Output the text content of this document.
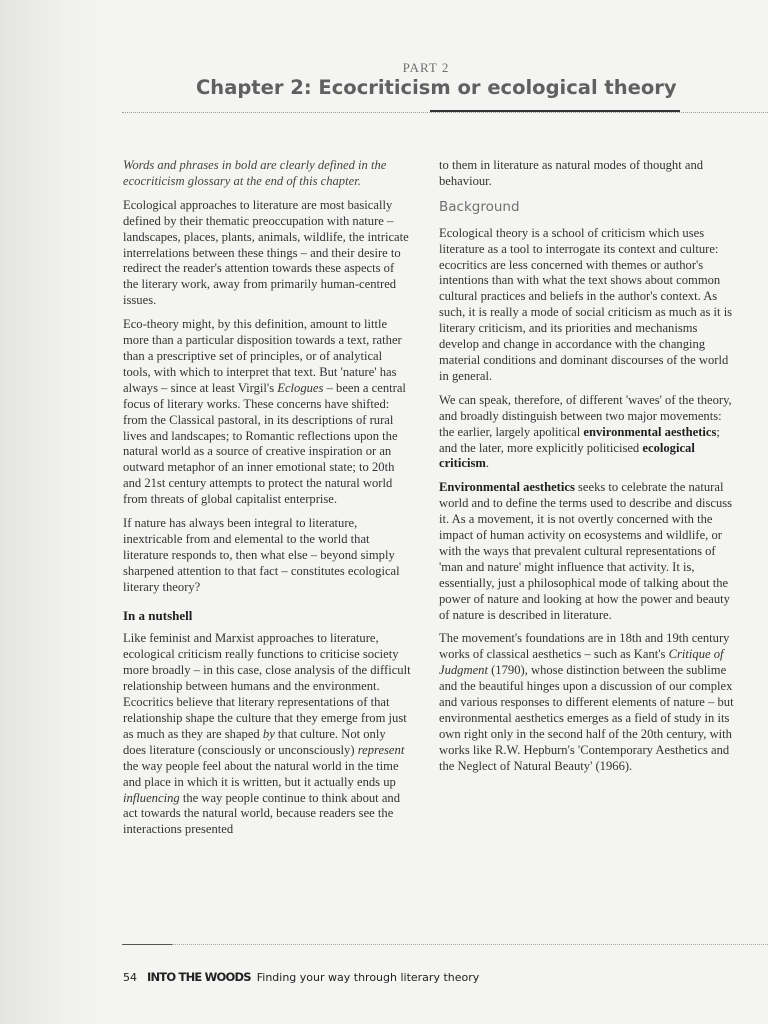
PART 2
Chapter 2: Ecocriticism or ecological theory

Words and phrases in bold are clearly defined in the ecocriticism glossary at the end of this chapter.

Ecological approaches to literature are most basically defined by their thematic preoccupation with nature – landscapes, places, plants, animals, wildlife, the intricate interrelations between these things – and their desire to redirect the reader's attention towards these aspects of the literary work, away from primarily human-centred issues.

Eco-theory might, by this definition, amount to little more than a particular disposition towards a text, rather than a prescriptive set of principles, or of analytical tools, with which to interpret that text. But 'nature' has always – since at least Virgil's Eclogues – been a central focus of literary works. These concerns have shifted: from the Classical pastoral, in its descriptions of rural lives and landscapes; to Romantic reflections upon the natural world as a source of creative inspiration or an outward metaphor of an inner emotional state; to 20th and 21st century attempts to protect the natural world from threats of global capitalist enterprise.

If nature has always been integral to literature, inextricable from and elemental to the world that literature responds to, then what else – beyond simply sharpened attention to that fact – constitutes ecological literary theory?

In a nutshell

Like feminist and Marxist approaches to literature, ecological criticism really functions to criticise society more broadly – in this case, close analysis of the difficult relationship between humans and the environment. Ecocritics believe that literary representations of that relationship shape the culture that they emerge from just as much as they are shaped by that culture. Not only does literature (consciously or unconsciously) represent the way people feel about the natural world in the time and place in which it is written, but it actually ends up influencing the way people continue to think about and act towards the natural world, because readers see the interactions presented

to them in literature as natural modes of thought and behaviour.

Background

Ecological theory is a school of criticism which uses literature as a tool to interrogate its context and culture: ecocritics are less concerned with themes or author's intentions than with what the text shows about common cultural practices and beliefs in the author's context. As such, it is really a mode of social criticism as much as it is literary criticism, and its priorities and mechanisms develop and change in accordance with the changing material conditions and dominant discourses of the world in general.

We can speak, therefore, of different 'waves' of the theory, and broadly distinguish between two major movements: the earlier, largely apolitical environmental aesthetics; and the later, more explicitly politicised ecological criticism.

Environmental aesthetics seeks to celebrate the natural world and to define the terms used to describe and discuss it. As a movement, it is not overtly concerned with the impact of human activity on ecosystems and wildlife, or with the ways that prevalent cultural representations of 'man and nature' might influence that activity. It is, essentially, just a philosophical mode of talking about the power of nature and looking at how the power and beauty of nature is described in literature.

The movement's foundations are in 18th and 19th century works of classical aesthetics – such as Kant's Critique of Judgment (1790), whose distinction between the sublime and the beautiful hinges upon a discussion of our complex and various responses to different elements of nature – but environmental aesthetics emerges as a field of study in its own right only in the second half of the 20th century, with works like R.W. Hepburn's 'Contemporary Aesthetics and the Neglect of Natural Beauty' (1966).

54 INTO THE WOODS Finding your way through literary theory
